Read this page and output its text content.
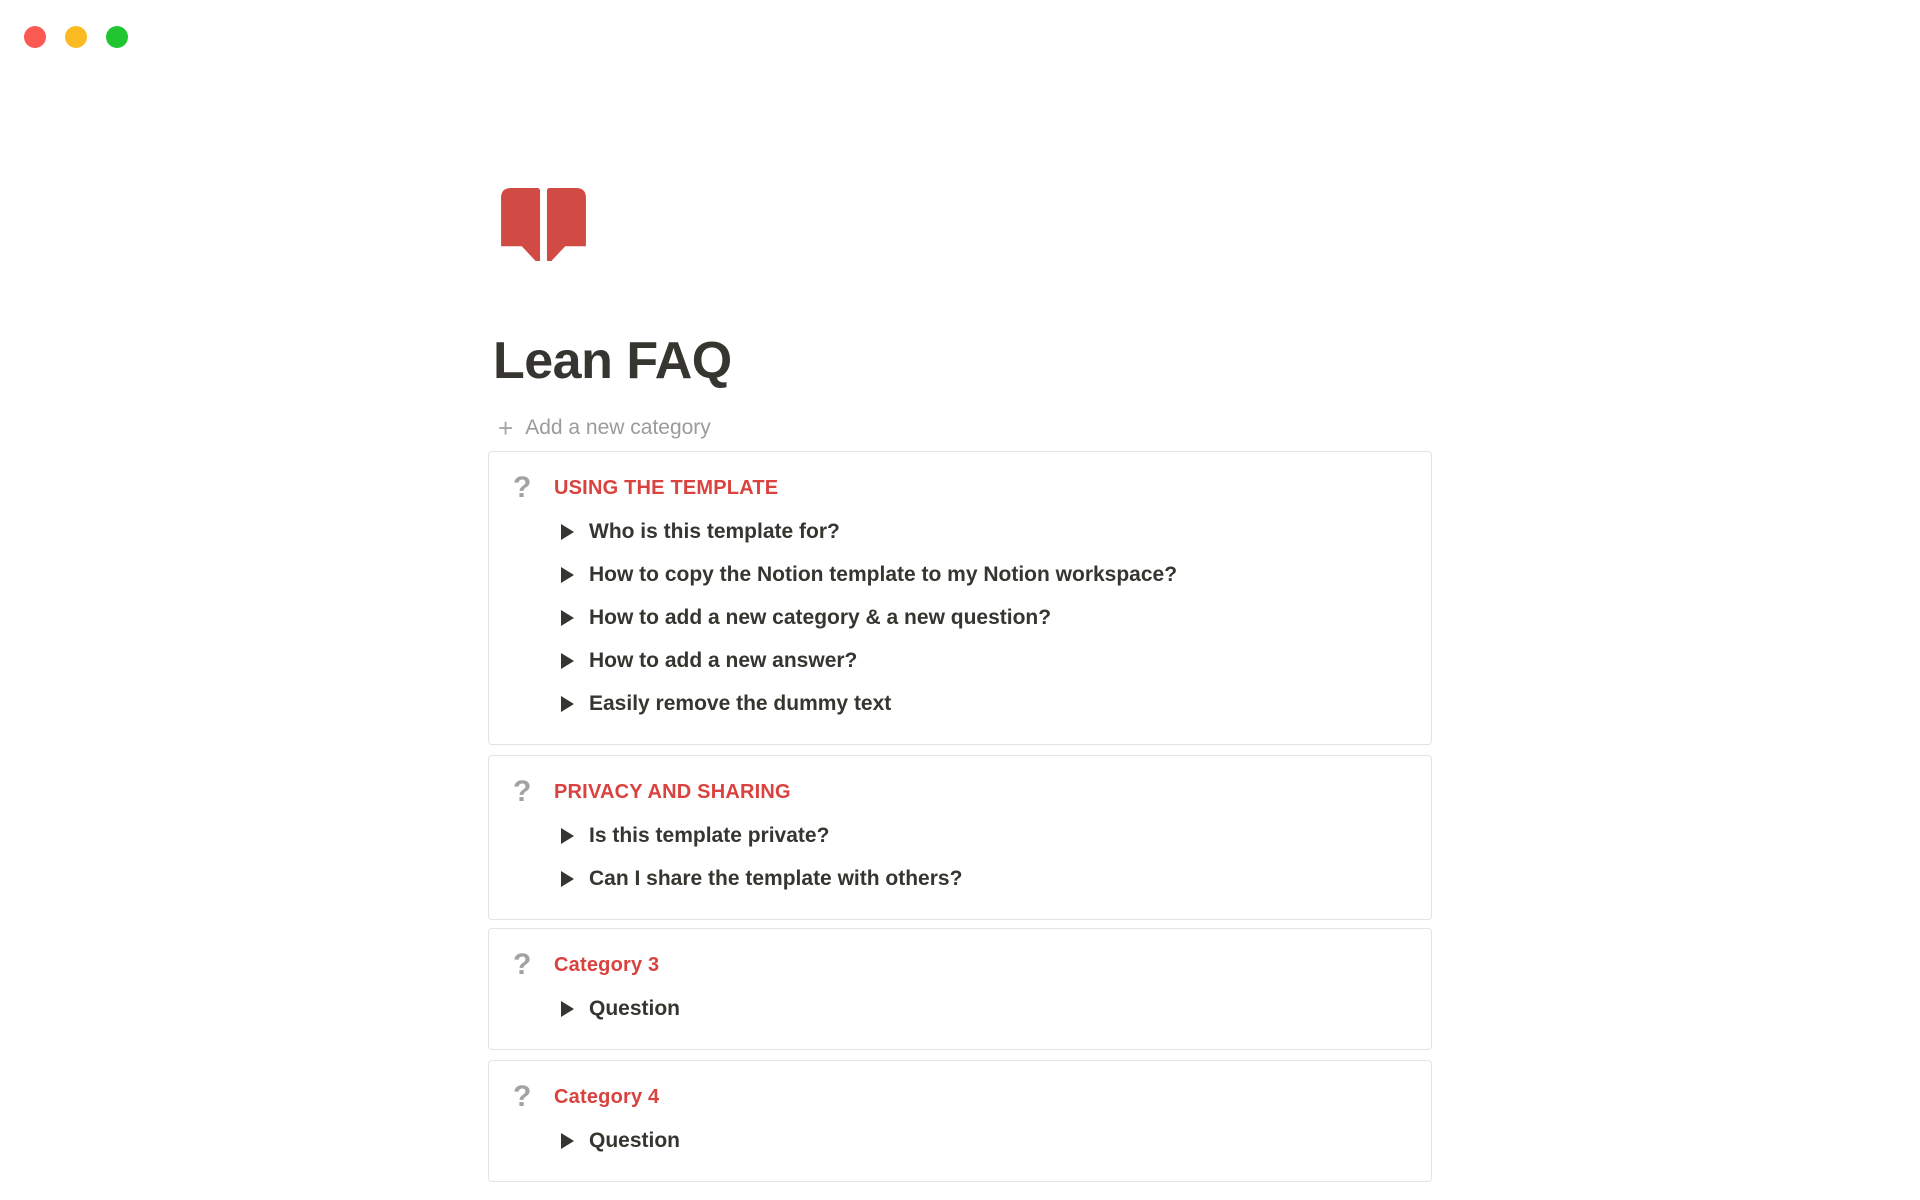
Lean FAQ
+ Add a new category
? USING THE TEMPLATE
Who is this template for?
How to copy the Notion template to my Notion workspace?
How to add a new category & a new question?
How to add a new answer?
Easily remove the dummy text
? PRIVACY AND SHARING
Is this template private?
Can I share the template with others?
? Category 3
Question
? Category 4
Question
